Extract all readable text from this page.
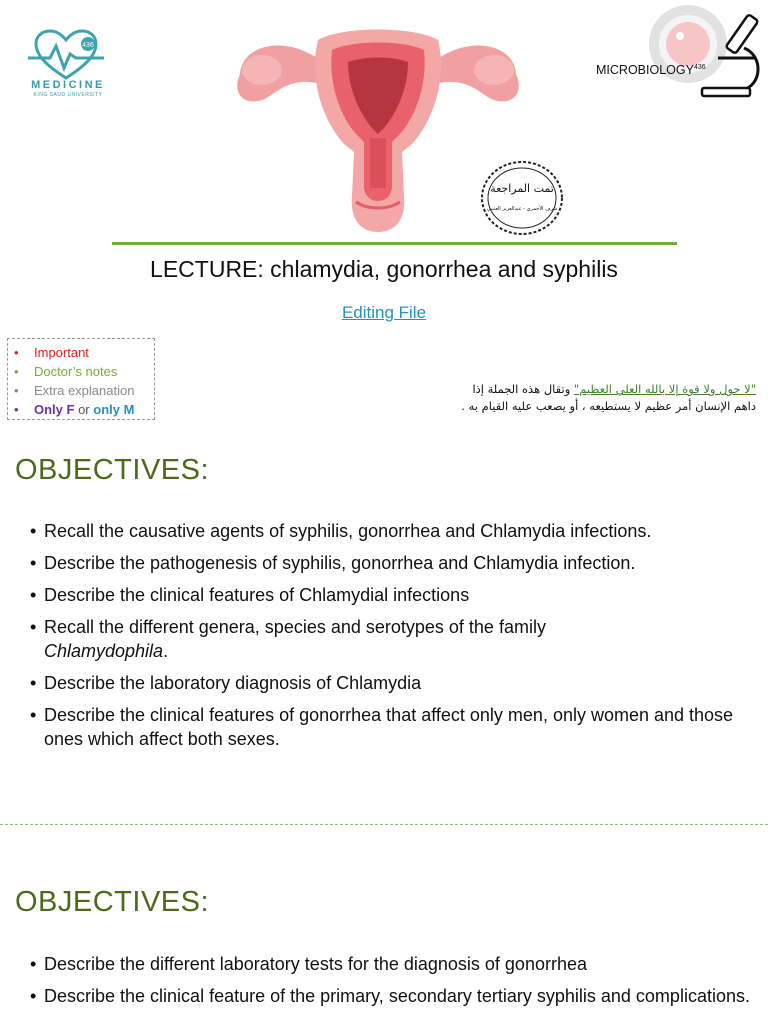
436
MEDICINE
KING SAUD UNIVERSITY
تمت المراجعة
شرف الأحمري - عبدالعزيز العتيبي
MICROBIOLOGY$^{436}$
LECTURE: chlamydia, gonorrhea and syphilis
Editing File
• Important
• Doctor’s notes
• Extra explanation
• Only F or only M
"لا حول ولا قوة إلا بالله العلي العظيم" وتقال هذه الجملة إذا
داهم الإنسان أمر عظيم لا يستطيعه ، أو يصعب عليه القيام به .
OBJECTIVES:
• Recall the causative agents of syphilis, gonorrhea and Chlamydia infections.
• Describe the pathogenesis of syphilis, gonorrhea and Chlamydia infection.
• Describe the clinical features of Chlamydial infections
• Recall the different genera, species and serotypes of the family
Chlamydophila.
• Describe the laboratory diagnosis of Chlamydia
• Describe the clinical features of gonorrhea that affect only men, only women and those ones which affect both sexes.
OBJECTIVES:
• Describe the different laboratory tests for the diagnosis of gonorrhea
• Describe the clinical feature of the primary, secondary tertiary syphilis and complications.
